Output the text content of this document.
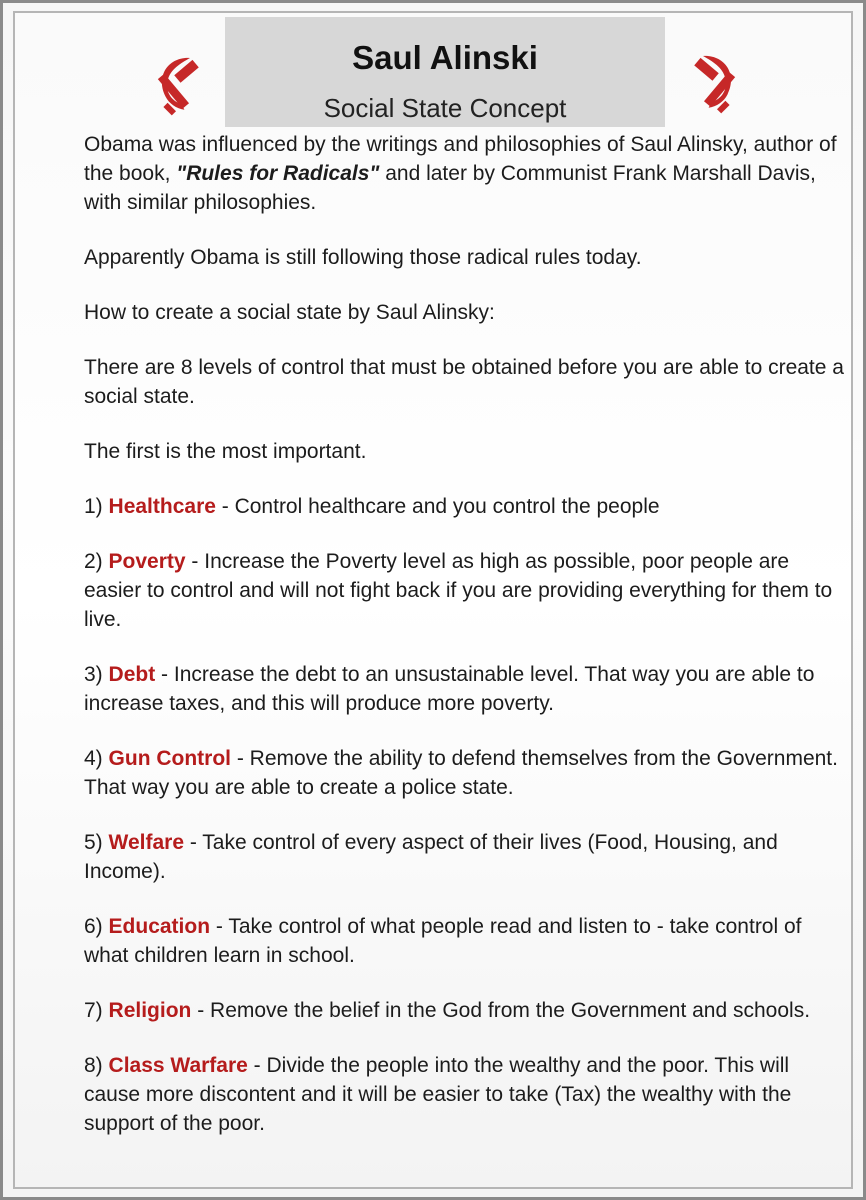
Saul Alinski
Social State Concept

Obama was influenced by the writings and philosophies of Saul Alinsky, author of the book, "Rules for Radicals" and later by Communist Frank Marshall Davis, with similar philosophies.

Apparently Obama is still following those radical rules today.

How to create a social state by Saul Alinsky:

There are 8 levels of control that must be obtained before you are able to create a social state.

The first is the most important.

1) Healthcare - Control healthcare and you control the people

2) Poverty - Increase the Poverty level as high as possible, poor people are easier to control and will not fight back if you are providing everything for them to live.

3) Debt - Increase the debt to an unsustainable level. That way you are able to increase taxes, and this will produce more poverty.

4) Gun Control - Remove the ability to defend themselves from the Government. That way you are able to create a police state.

5) Welfare - Take control of every aspect of their lives (Food, Housing, and Income).

6) Education - Take control of what people read and listen to - take control of what children learn in school.

7) Religion - Remove the belief in the God from the Government and schools.

8) Class Warfare - Divide the people into the wealthy and the poor. This will cause more discontent and it will be easier to take (Tax) the wealthy with the support of the poor.
